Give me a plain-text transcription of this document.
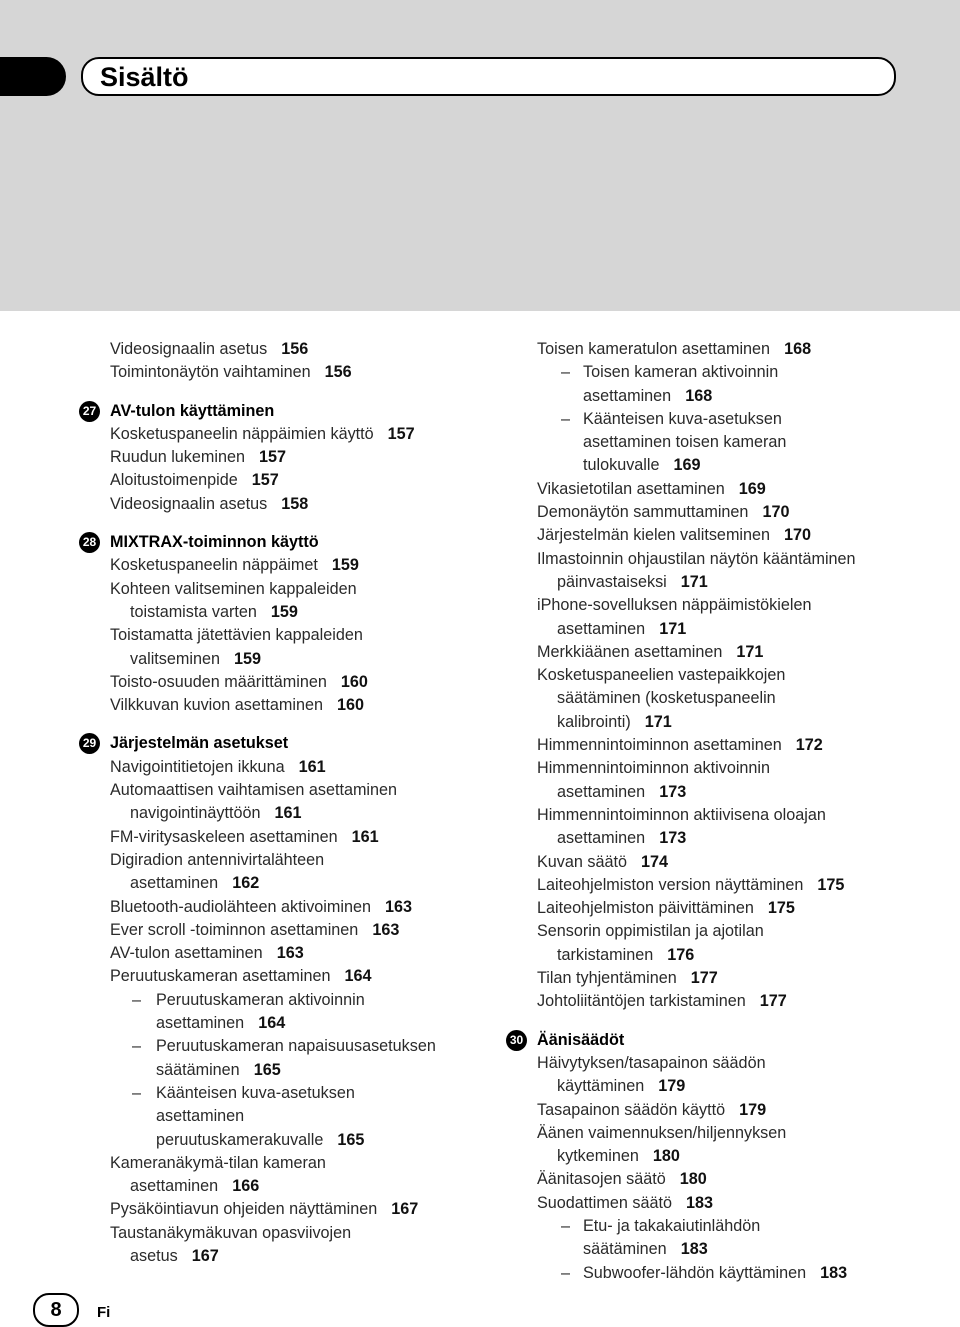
Sisältö
Videosignaalin asetus 156
Toimintonäytön vaihtaminen 156
27 AV-tulon käyttäminen
Kosketuspaneelin näppäimien käyttö 157
Ruudun lukeminen 157
Aloitustoimenpide 157
Videosignaalin asetus 158
28 MIXTRAX-toiminnon käyttö
Kosketuspaneelin näppäimet 159
Kohteen valitseminen kappaleiden
toistamista varten 159
Toistamatta jätettävien kappaleiden
valitseminen 159
Toisto-osuuden määrittäminen 160
Vilkkuvan kuvion asettaminen 160
29 Järjestelmän asetukset
Navigointitietojen ikkuna 161
Automaattisen vaihtamisen asettaminen
navigointinäyttöön 161
FM-viritysaskeleen asettaminen 161
Digiradion antennivirtalähteen
asettaminen 162
Bluetooth-audiolähteen aktivoiminen 163
Ever scroll -toiminnon asettaminen 163
AV-tulon asettaminen 163
Peruutuskameran asettaminen 164
– Peruutuskameran aktivoinnin
asettaminen 164
– Peruutuskameran napaisuusasetuksen
säätäminen 165
– Käänteisen kuva-asetuksen
asettaminen
peruutuskamerakuvalle 165
Kameranäkymä-tilan kameran
asettaminen 166
Pysäköintiavun ohjeiden näyttäminen 167
Taustanäkymäkuvan opasviivojen
asetus 167
Toisen kameratulon asettaminen 168
– Toisen kameran aktivoinnin
asettaminen 168
– Käänteisen kuva-asetuksen
asettaminen toisen kameran
tulokuvalle 169
Vikasietotilan asettaminen 169
Demonäytön sammuttaminen 170
Järjestelmän kielen valitseminen 170
Ilmastoinnin ohjaustilan näytön kääntäminen
päinvastaiseksi 171
iPhone-sovelluksen näppäimistökielen
asettaminen 171
Merkkiäänen asettaminen 171
Kosketuspaneelien vastepaikkojen
säätäminen (kosketuspaneelin
kalibrointi) 171
Himmennintoiminnon asettaminen 172
Himmennintoiminnon aktivoinnin
asettaminen 173
Himmennintoiminnon aktiivisena oloajan
asettaminen 173
Kuvan säätö 174
Laiteohjelmiston version näyttäminen 175
Laiteohjelmiston päivittäminen 175
Sensorin oppimistilan ja ajotilan
tarkistaminen 176
Tilan tyhjentäminen 177
Johtoliitäntöjen tarkistaminen 177
30 Äänisäädöt
Häivytyksen/tasapainon säädön
käyttäminen 179
Tasapainon säädön käyttö 179
Äänen vaimennuksen/hiljennyksen
kytkeminen 180
Äänitasojen säätö 180
Suodattimen säätö 183
– Etu- ja takakaiutinlähdön
säätäminen 183
– Subwoofer-lähdön käyttäminen 183
8	Fi
